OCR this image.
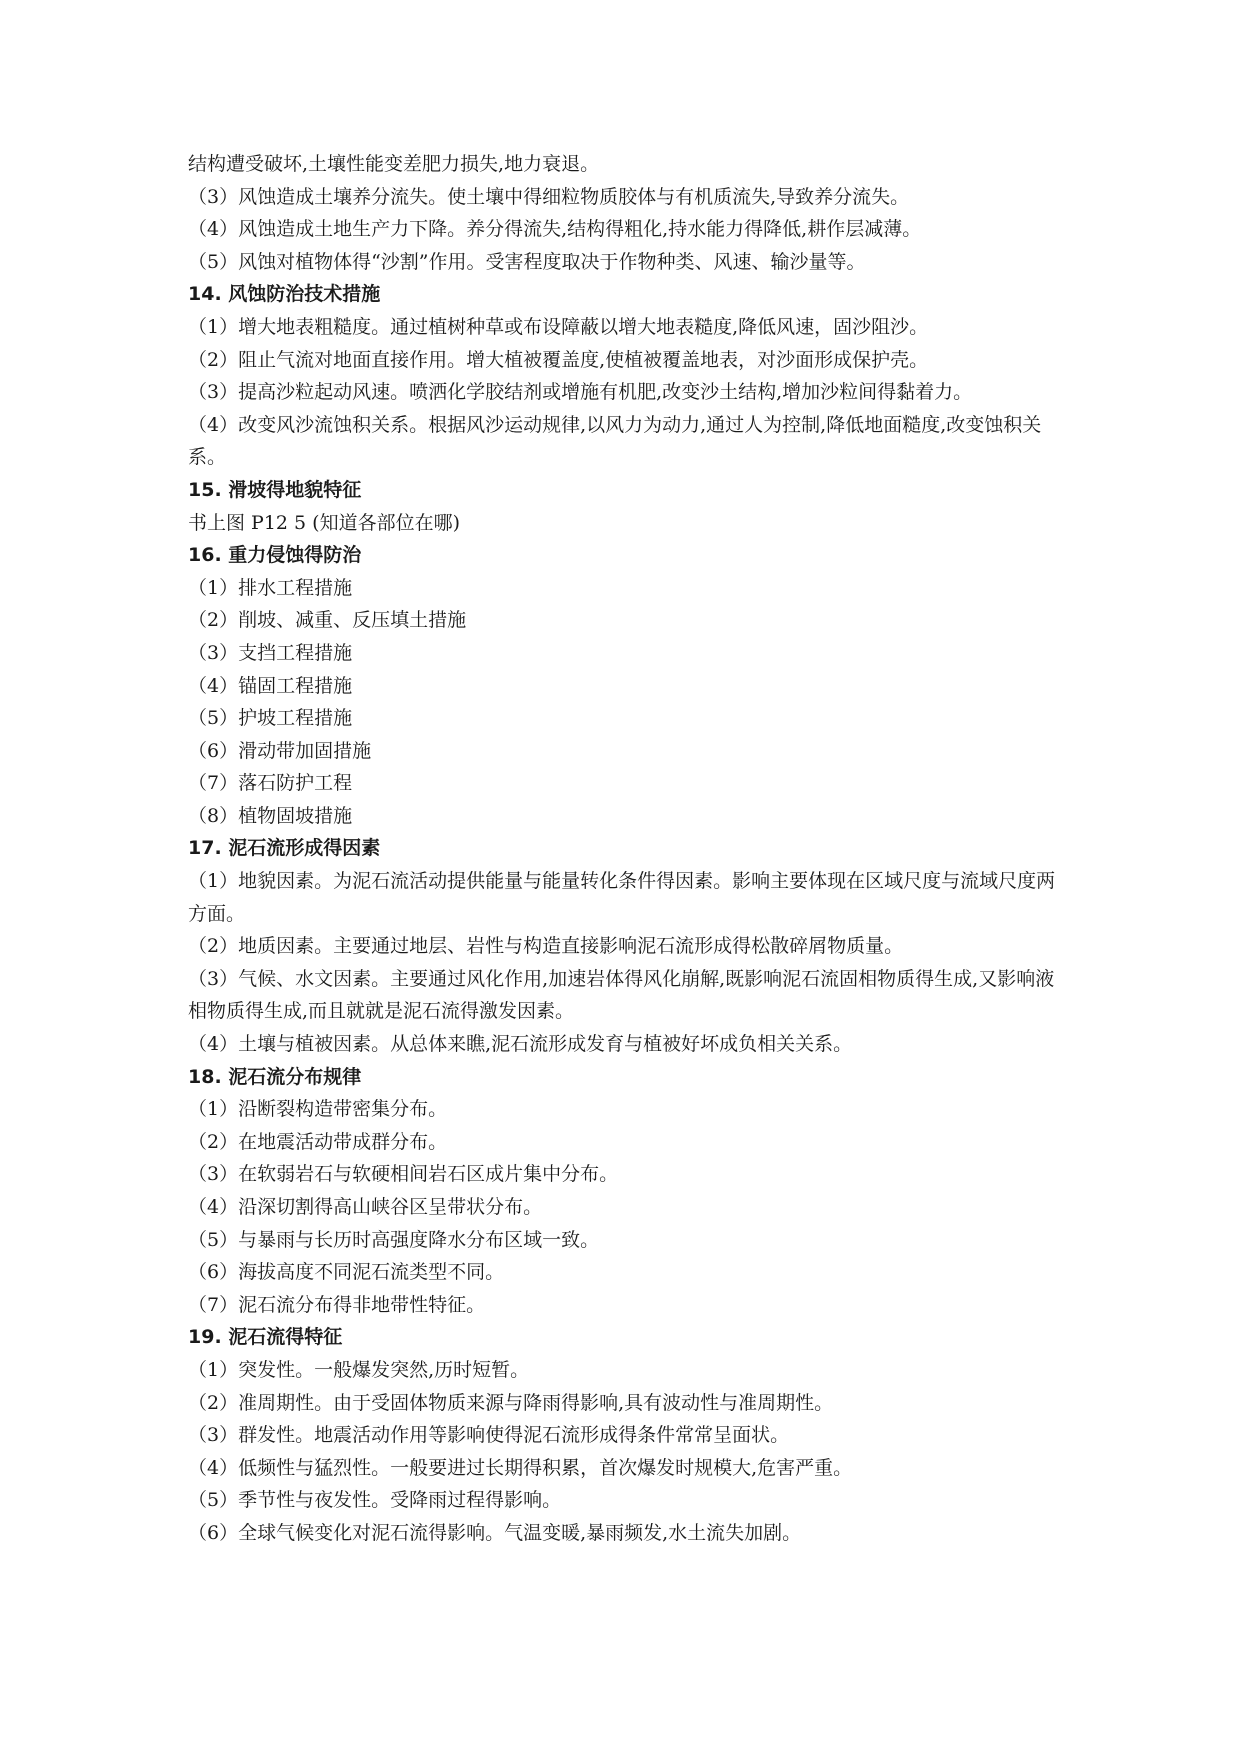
结构遭受破坏,土壤性能变差肥力损失,地力衰退。
（3）风蚀造成土壤养分流失。使土壤中得细粒物质胶体与有机质流失,导致养分流失。
（4）风蚀造成土地生产力下降。养分得流失,结构得粗化,持水能力得降低,耕作层减薄。
（5）风蚀对植物体得“沙割”作用。受害程度取决于作物种类、风速、输沙量等。
14. 风蚀防治技术措施
（1）增大地表粗糙度。通过植树种草或布设障蔽以增大地表糙度,降低风速，固沙阻沙。
（2）阻止气流对地面直接作用。增大植被覆盖度,使植被覆盖地表，对沙面形成保护壳。
（3）提高沙粒起动风速。喷洒化学胶结剂或增施有机肥,改变沙土结构,增加沙粒间得黏着力。
（4）改变风沙流蚀积关系。根据风沙运动规律,以风力为动力,通过人为控制,降低地面糙度,改变蚀积关系。
15. 滑坡得地貌特征
书上图 P12 5 (知道各部位在哪)
16. 重力侵蚀得防治
（1）排水工程措施
（2）削坡、减重、反压填土措施
（3）支挡工程措施
（4）锚固工程措施
（5）护坡工程措施
（6）滑动带加固措施
（7）落石防护工程
（8）植物固坡措施
17. 泥石流形成得因素
（1）地貌因素。为泥石流活动提供能量与能量转化条件得因素。影响主要体现在区域尺度与流域尺度两方面。
（2）地质因素。主要通过地层、岩性与构造直接影响泥石流形成得松散碎屑物质量。
（3）气候、水文因素。主要通过风化作用,加速岩体得风化崩解,既影响泥石流固相物质得生成,又影响液相物质得生成,而且就就是泥石流得激发因素。
（4）土壤与植被因素。从总体来瞧,泥石流形成发育与植被好坏成负相关关系。
18. 泥石流分布规律
（1）沿断裂构造带密集分布。
（2）在地震活动带成群分布。
（3）在软弱岩石与软硬相间岩石区成片集中分布。
（4）沿深切割得高山峡谷区呈带状分布。
（5）与暴雨与长历时高强度降水分布区域一致。
（6）海拔高度不同泥石流类型不同。
（7）泥石流分布得非地带性特征。
19. 泥石流得特征
（1）突发性。一般爆发突然,历时短暂。
（2）准周期性。由于受固体物质来源与降雨得影响,具有波动性与准周期性。
（3）群发性。地震活动作用等影响使得泥石流形成得条件常常呈面状。
（4）低频性与猛烈性。一般要进过长期得积累，首次爆发时规模大,危害严重。
（5）季节性与夜发性。受降雨过程得影响。
（6）全球气候变化对泥石流得影响。气温变暖,暴雨频发,水土流失加剧。
